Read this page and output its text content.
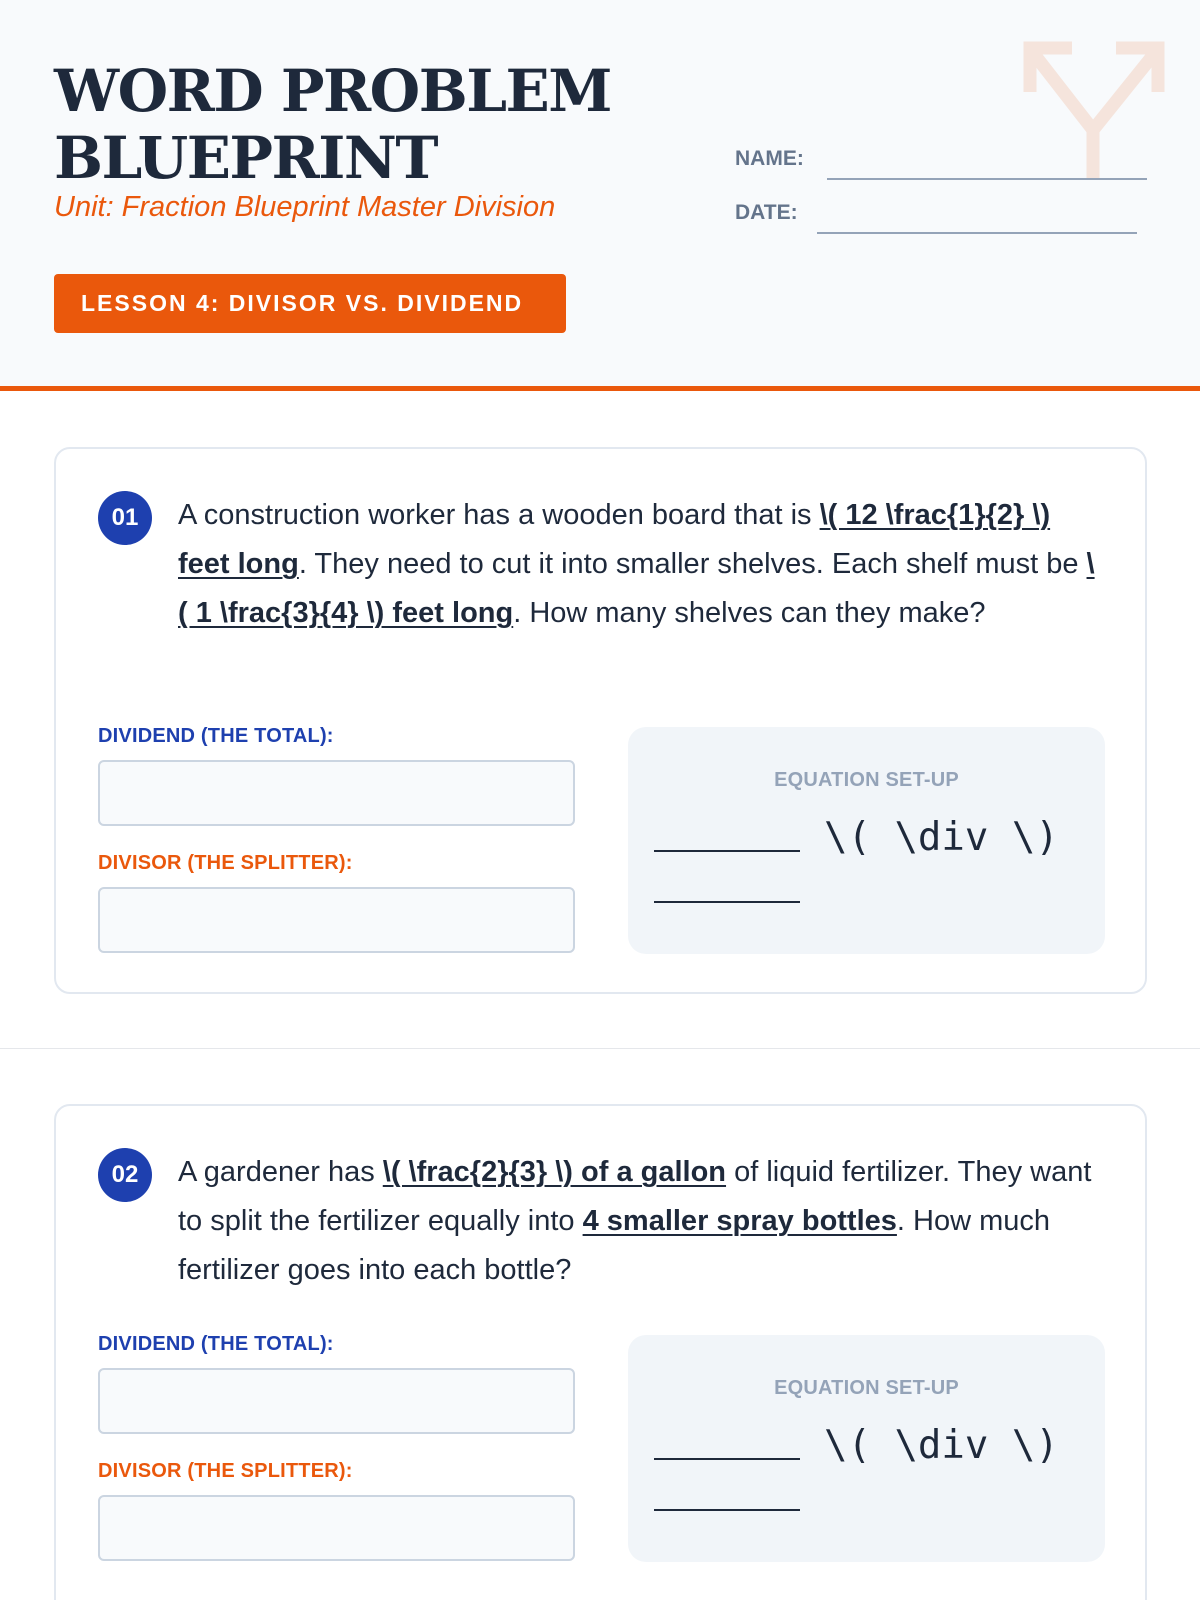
WORD PROBLEM BLUEPRINT
Unit: Fraction Blueprint Master Division
LESSON 4: DIVISOR VS. DIVIDEND
NAME:
DATE:
01	A construction worker has a wooden board that is \( 12 \frac{1}{2} \) feet long. They need to cut it into smaller shelves. Each shelf must be \( 1 \frac{3}{4} \) feet long. How many shelves can they make?

DIVIDEND (THE TOTAL):
DIVISOR (THE SPLITTER):
EQUATION SET-UP
\( \div \)
02	A gardener has \( \frac{2}{3} \) of a gallon of liquid fertilizer. They want to split the fertilizer equally into 4 smaller spray bottles. How much fertilizer goes into each bottle?

DIVIDEND (THE TOTAL):
DIVISOR (THE SPLITTER):
EQUATION SET-UP
\( \div \)
